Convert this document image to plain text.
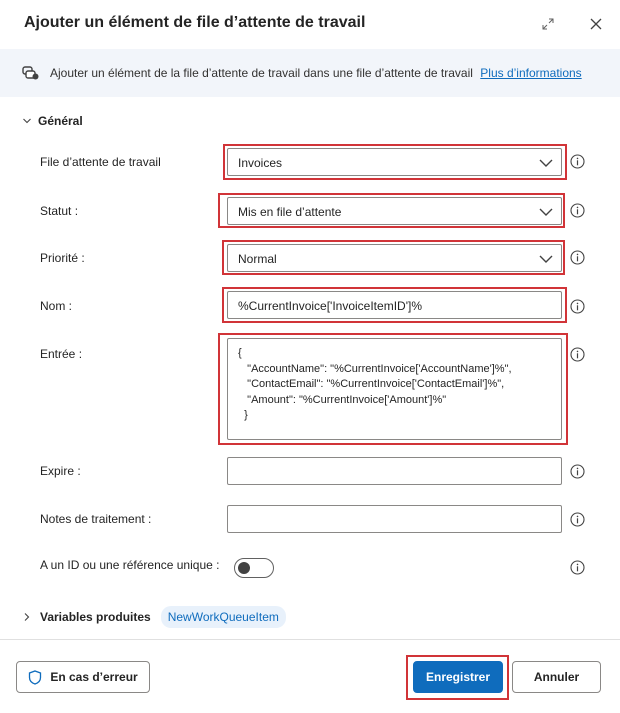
Ajouter un élément de file d’attente de travail
Ajouter un élément de la file d’attente de travail dans une file d’attente de travail Plus d’informations
Général
File d’attente de travail	Invoices
Statut :	Mis en file d’attente
Priorité :	Normal
Nom :	%CurrentInvoice['InvoiceItemID']%
Entrée :	{
"AccountName": "%CurrentInvoice['AccountName']%",
"ContactEmail": "%CurrentInvoice['ContactEmail']%",
"Amount": "%CurrentInvoice['Amount']%"
}
Expire :
Notes de traitement :
A un ID ou une référence unique :
Variables produites	NewWorkQueueItem
En cas d’erreur	Enregistrer	Annuler
